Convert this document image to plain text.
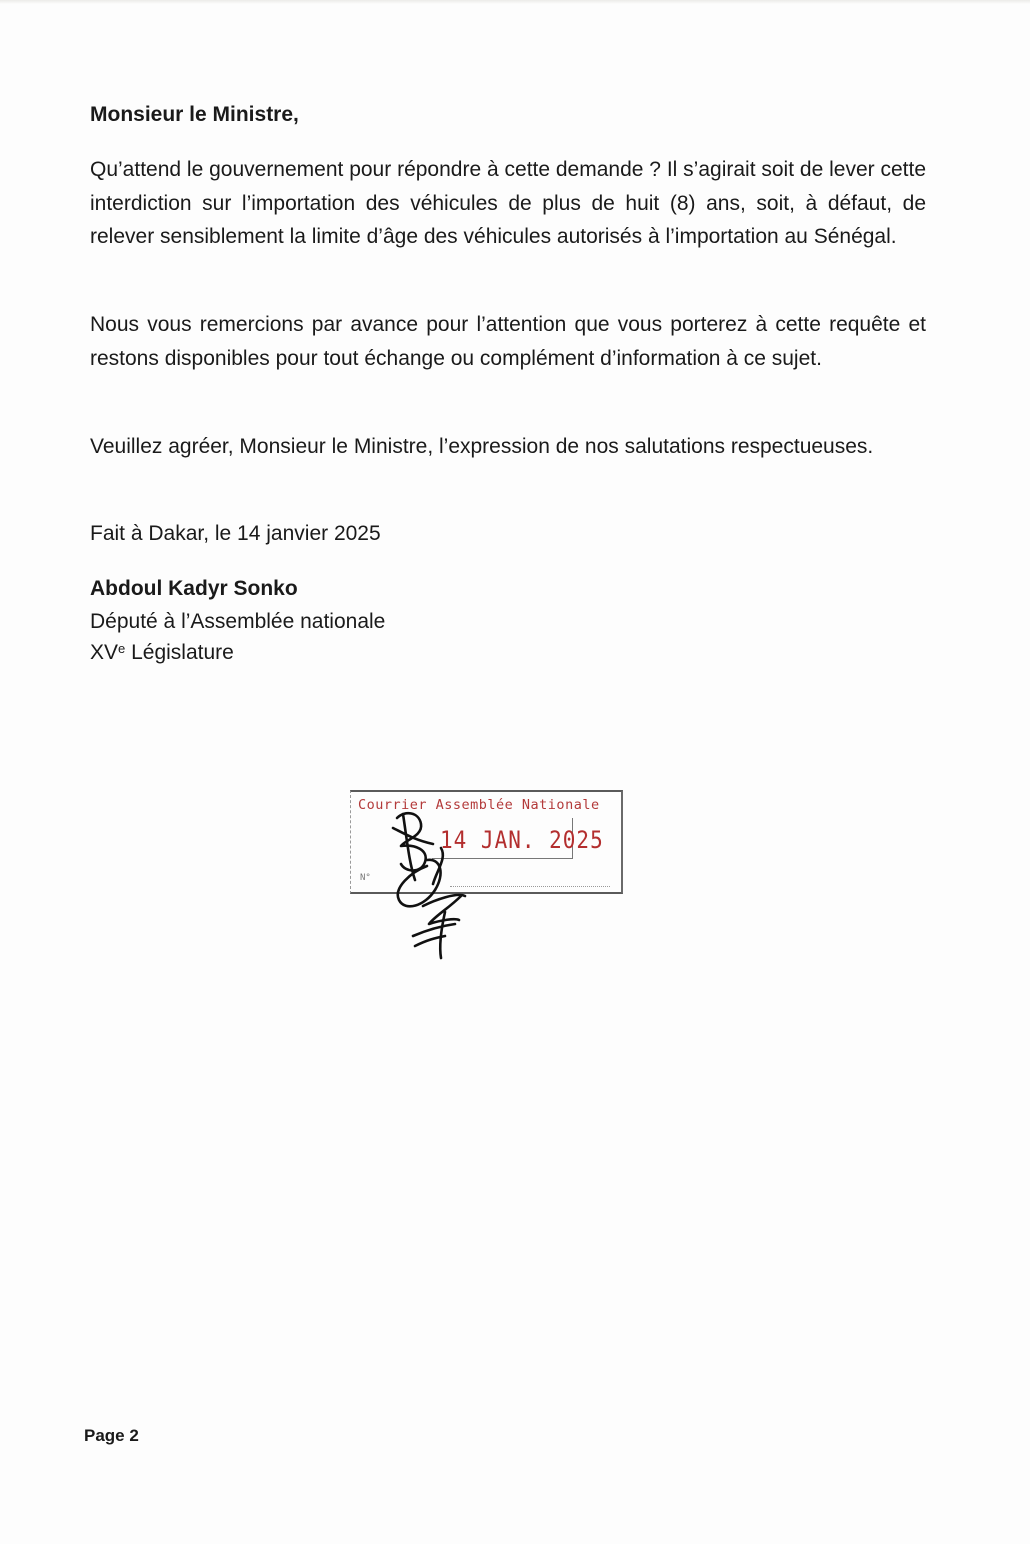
Monsieur le Ministre,

Qu’attend le gouvernement pour répondre à cette demande ? Il s’agirait soit de lever cette interdiction sur l’importation des véhicules de plus de huit (8) ans, soit, à défaut, de relever sensiblement la limite d’âge des véhicules autorisés à l’importation au Sénégal.

Nous vous remercions par avance pour l’attention que vous porterez à cette requête et restons disponibles pour tout échange ou complément d’information à ce sujet.

Veuillez agréer, Monsieur le Ministre, l’expression de nos salutations respectueuses.

Fait à Dakar, le 14 janvier 2025
Abdoul Kadyr Sonko
Député à l’Assemblée nationale
XVe Législature
Courrier Assemblée Nationale
14 JAN. 2025
N°
Page 2
